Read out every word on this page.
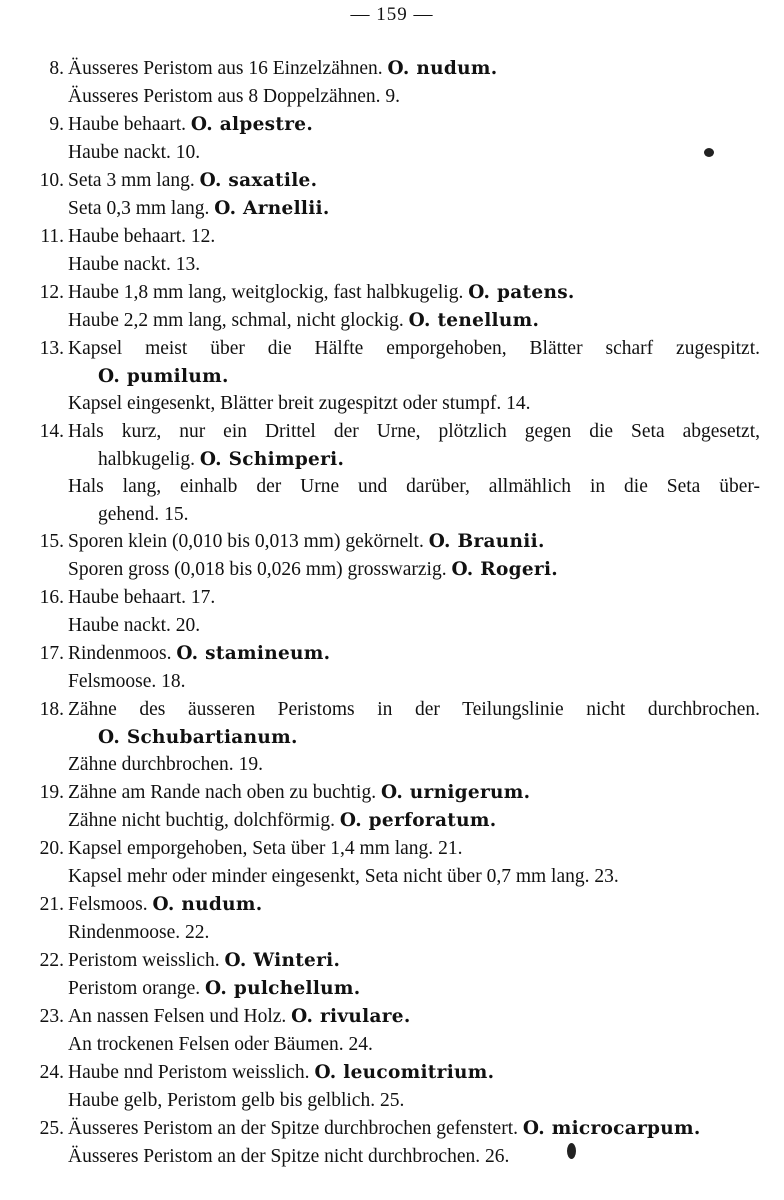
— 159 —
8. Äusseres Peristom aus 16 Einzelzähnen. O. nudum.
Äusseres Peristom aus 8 Doppelzähnen. 9.
9. Haube behaart. O. alpestre.
Haube nackt. 10.
10. Seta 3 mm lang. O. saxatile.
Seta 0,3 mm lang. O. Arnellii.
11. Haube behaart. 12.
Haube nackt. 13.
12. Haube 1,8 mm lang, weitglockig, fast halbkugelig. O. patens.
Haube 2,2 mm lang, schmal, nicht glockig. O. tenellum.
13. Kapsel meist über die Hälfte emporgehoben, Blätter scharf zugespitzt.
O. pumilum.
Kapsel eingesenkt, Blätter breit zugespitzt oder stumpf. 14.
14. Hals kurz, nur ein Drittel der Urne, plötzlich gegen die Seta abgesetzt,
halbkugelig. O. Schimperi.
Hals lang, einhalb der Urne und darüber, allmählich in die Seta über-
gehend. 15.
15. Sporen klein (0,010 bis 0,013 mm) gekörnelt. O. Braunii.
Sporen gross (0,018 bis 0,026 mm) grosswarzig. O. Rogeri.
16. Haube behaart. 17.
Haube nackt. 20.
17. Rindenmoos. O. stamineum.
Felsmoose. 18.
18. Zähne des äusseren Peristoms in der Teilungslinie nicht durchbrochen.
O. Schubartianum.
Zähne durchbrochen. 19.
19. Zähne am Rande nach oben zu buchtig. O. urnigerum.
Zähne nicht buchtig, dolchförmig. O. perforatum.
20. Kapsel emporgehoben, Seta über 1,4 mm lang. 21.
Kapsel mehr oder minder eingesenkt, Seta nicht über 0,7 mm lang. 23.
21. Felsmoos. O. nudum.
Rindenmoose. 22.
22. Peristom weisslich. O. Winteri.
Peristom orange. O. pulchellum.
23. An nassen Felsen und Holz. O. rivulare.
An trockenen Felsen oder Bäumen. 24.
24. Haube nnd Peristom weisslich. O. leucomitrium.
Haube gelb, Peristom gelb bis gelblich. 25.
25. Äusseres Peristom an der Spitze durchbrochen gefenstert. O. microcarpum.
Äusseres Peristom an der Spitze nicht durchbrochen. 26.
